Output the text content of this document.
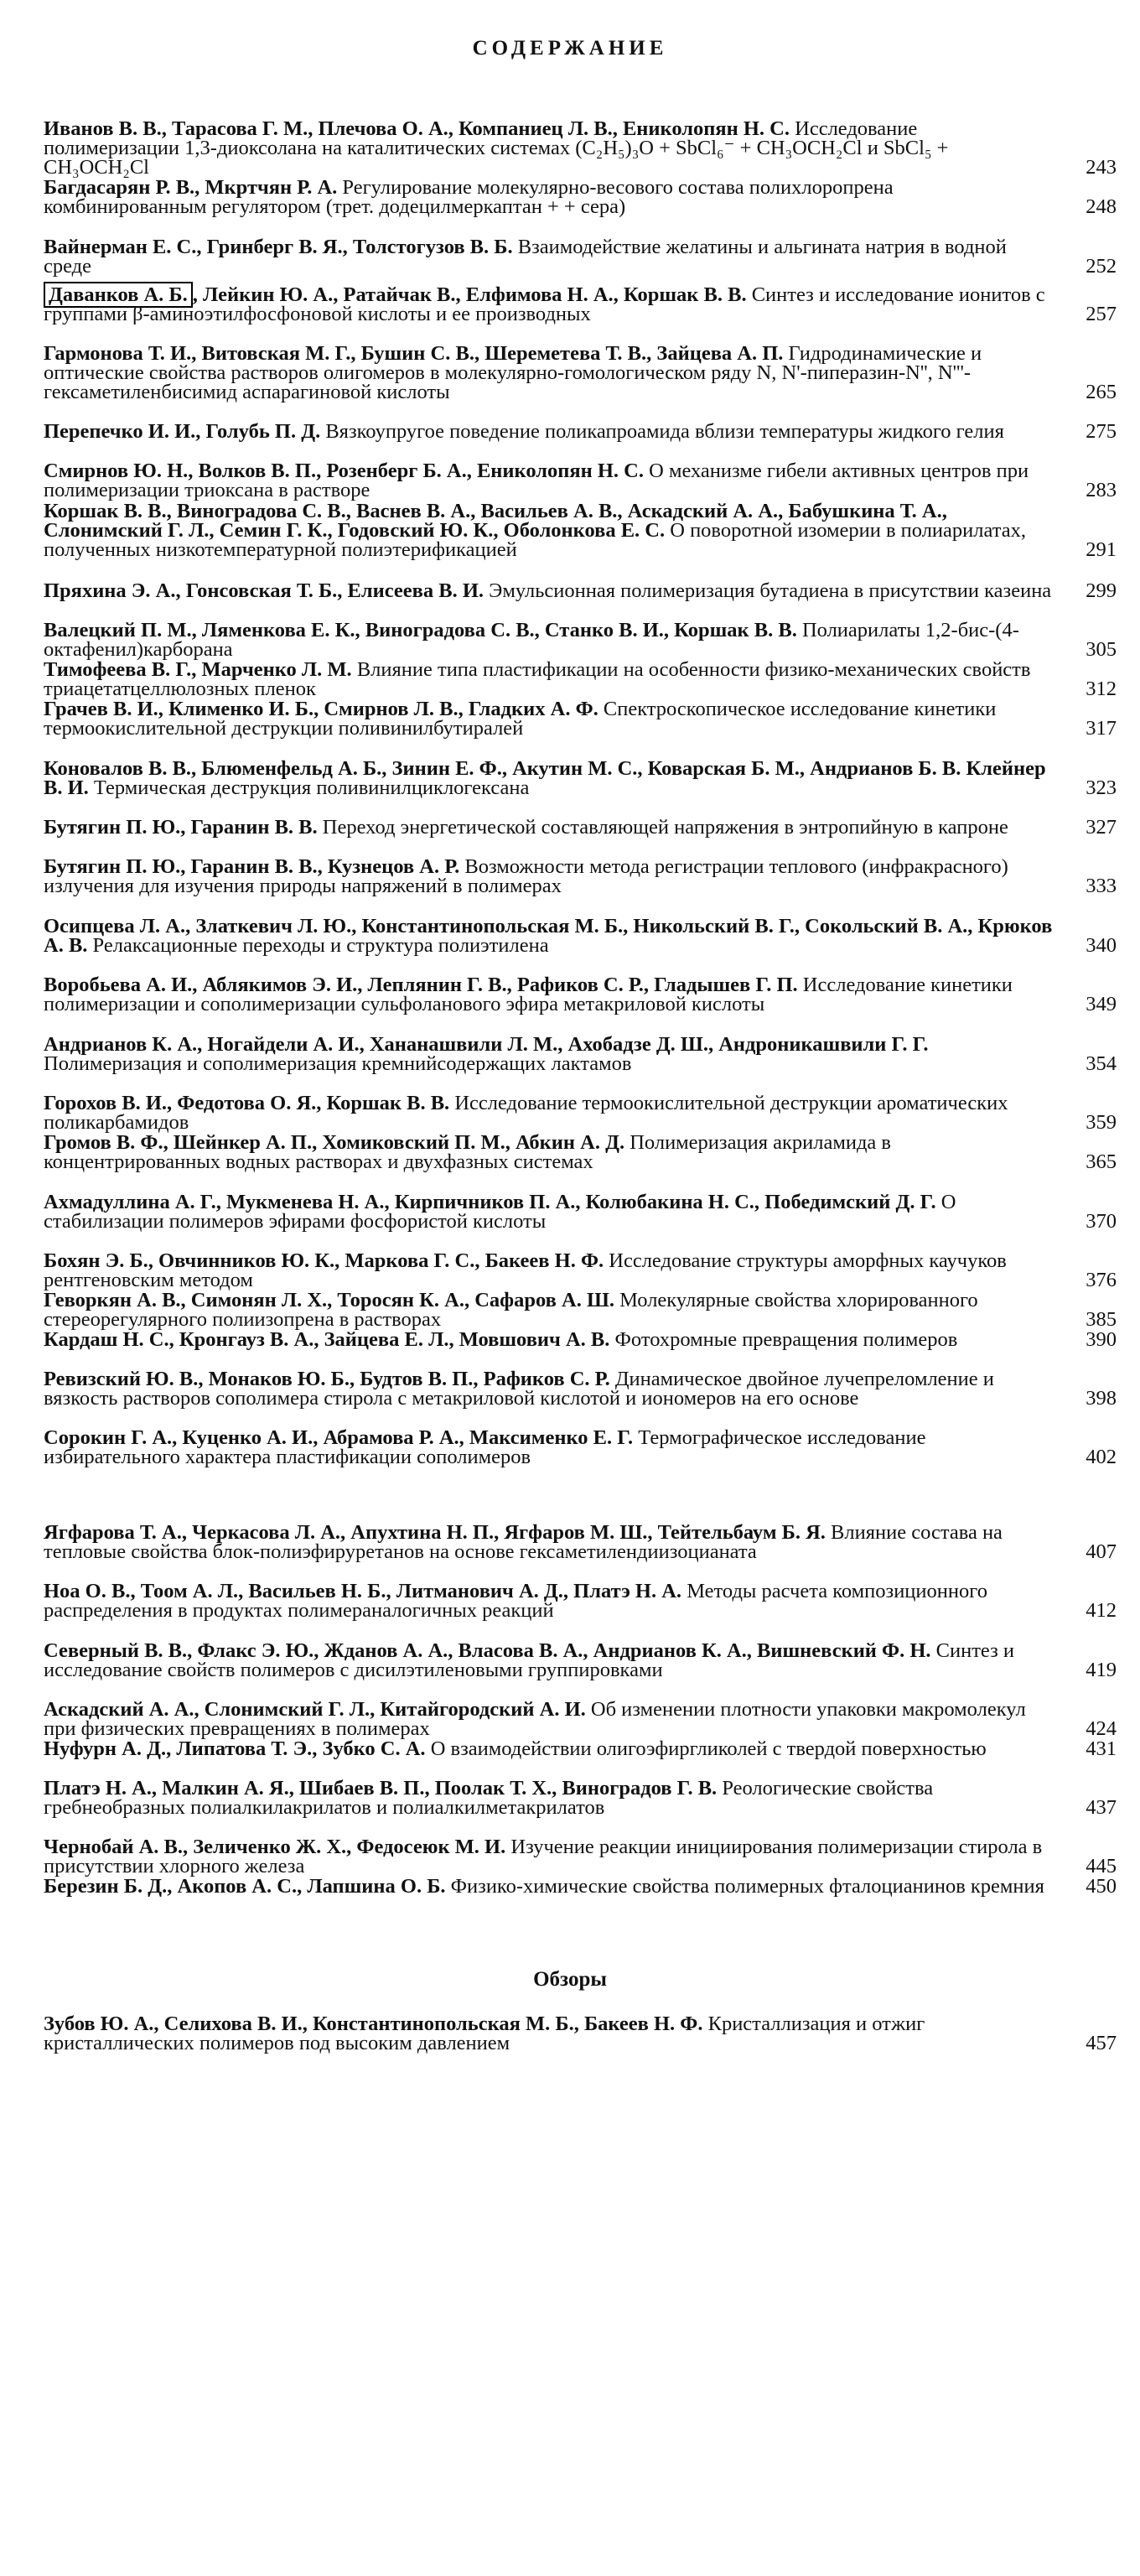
СОДЕРЖАНИЕ
Иванов В. В., Тарасова Г. М., Плечова О. А., Компаниец Л. В., Ениколопян Н. С. Исследование полимеризации 1,3-диоксолана на каталитических системах (C₂H₅)₃O + SbCl₆⁻ + CH₃OCH₂Cl и SbCl₅ + CH₃OCH₂Cl	243
Багдасарян Р. В., Мкртчян Р. А. Регулирование молекулярно-весового состава полихлоропрена комбинированным регулятором (трет. додецилмеркаптан + + сера)	248
Вайнерман Е. С., Гринберг В. Я., Толстогузов В. Б. Взаимодействие желатины и альгината натрия в водной среде	252
Даванков А. Б. , Лейкин Ю. А., Ратайчак В., Елфимова Н. А., Коршак В. В. Синтез и исследование ионитов с группами β-аминоэтилфосфоновой кислоты и ее производных	257
Гармонова Т. И., Витовская М. Г., Бушин С. В., Шереметева Т. В., Зайцева А. П. Гидродинамические и оптические свойства растворов олигомеров в молекулярно-гомологическом ряду N, N'-пиперазин-N'', N'''-гексаметиленбисимид аспарагиновой кислоты	265
Перепечко И. И., Голубь П. Д. Вязкоупругое поведение поликапроамида вблизи температуры жидкого гелия	275
Смирнов Ю. Н., Волков В. П., Розенберг Б. А., Ениколопян Н. С. О механизме гибели активных центров при полимеризации триоксана в растворе	283
Коршак В. В., Виноградова С. В., Васнев В. А., Васильев А. В., Аскадский А. А., Бабушкина Т. А., Слонимский Г. Л., Семин Г. К., Годовский Ю. К., Оболонкова Е. С. О поворотной изомерии в полиарилатах, полученных низкотемпературной полиэтерификацией	291
Пряхина Э. А., Гонсовская Т. Б., Елисеева В. И. Эмульсионная полимеризация бутадиена в присутствии казеина	299
Валецкий П. М., Ляменкова Е. К., Виноградова С. В., Станко В. И., Коршак В. В. Полиарилаты 1,2-бис-(4-октафенил)карборана	305
Тимофеева В. Г., Марченко Л. М. Влияние типа пластификации на особенности физико-механических свойств триацетатцеллюлозных пленок	312
Грачев В. И., Клименко И. Б., Смирнов Л. В., Гладких А. Ф. Спектроскопическое исследование кинетики термоокислительной деструкции поливинилбутиралей	317
Коновалов В. В., Блюменфельд А. Б., Зинин Е. Ф., Акутин М. С., Коварская Б. М., Андрианов Б. В. Клейнер В. И. Термическая деструкция поливинилциклогексана	323
Бутягин П. Ю., Гаранин В. В. Переход энергетической составляющей напряжения в энтропийную в капроне	327
Бутягин П. Ю., Гаранин В. В., Кузнецов А. Р. Возможности метода регистрации теплового (инфракрасного) излучения для изучения природы напряжений в полимерах	333
Осипцева Л. А., Златкевич Л. Ю., Константинопольская М. Б., Никольский В. Г., Сокольский В. А., Крюков А. В. Релаксационные переходы и структура полиэтилена	340
Воробьева А. И., Аблякимов Э. И., Леплянин Г. В., Рафиков С. Р., Гладышев Г. П. Исследование кинетики полимеризации и сополимеризации сульфоланового эфира метакриловой кислоты	349
Андрианов К. А., Ногайдели А. И., Хананашвили Л. М., Ахобадзе Д. Ш., Андроникашвили Г. Г. Полимеризация и сополимеризация кремнийсодержащих лактамов	354
Горохов В. И., Федотова О. Я., Коршак В. В. Исследование термоокислительной деструкции ароматических поликарбамидов	359
Громов В. Ф., Шейнкер А. П., Хомиковский П. М., Абкин А. Д. Полимеризация акриламида в концентрированных водных растворах и двухфазных системах	365
Ахмадуллина А. Г., Мукменева Н. А., Кирпичников П. А., Колюбакина Н. С., Победимский Д. Г. О стабилизации полимеров эфирами фосфористой кислоты	370
Бохян Э. Б., Овчинников Ю. К., Маркова Г. С., Бакеев Н. Ф. Исследование структуры аморфных каучуков рентгеновским методом	376
Геворкян А. В., Симонян Л. Х., Торосян К. А., Сафаров А. Ш. Молекулярные свойства хлорированного стереорегулярного полиизопрена в растворах	385
Кардаш Н. С., Кронгауз В. А., Зайцева Е. Л., Мовшович А. В. Фотохромные превращения полимеров	390
Ревизский Ю. В., Монаков Ю. Б., Будтов В. П., Рафиков С. Р. Динамическое двойное лучепреломление и вязкость растворов сополимера стирола с метакриловой кислотой и иономеров на его основе	398
Сорокин Г. А., Куценко А. И., Абрамова Р. А., Максименко Е. Г. Термографическое исследование избирательного характера пластификации сополимеров	402
Ягфарова Т. А., Черкасова Л. А., Апухтина Н. П., Ягфаров М. Ш., Тейтельбаум Б. Я. Влияние состава на тепловые свойства блок-полиэфируретанов на основе гексаметилендиизоцианата	407
Ноа О. В., Тоом А. Л., Васильев Н. Б., Литманович А. Д., Платэ Н. А. Методы расчета композиционного распределения в продуктах полимераналогичных реакций	412
Северный В. В., Флакс Э. Ю., Жданов А. А., Власова В. А., Андрианов К. А., Вишневский Ф. Н. Синтез и исследование свойств полимеров с дисилэтиленовыми группировками	419
Аскадский А. А., Слонимский Г. Л., Китайгородский А. И. Об изменении плотности упаковки макромолекул при физических превращениях в полимерах	424
Нуфурн А. Д., Липатова Т. Э., Зубко С. А. О взаимодействии олигоэфиргликолей с твердой поверхностью	431
Платэ Н. А., Малкин А. Я., Шибаев В. П., Поолак Т. Х., Виноградов Г. В. Реологические свойства гребнеобразных полиалкилакрилатов и полиалкилметакрилатов	437
Чернобай А. В., Зеличенко Ж. Х., Федосеюк М. И. Изучение реакции инициирования полимеризации стирола в присутствии хлорного железа	445
Березин Б. Д., Акопов А. С., Лапшина О. Б. Физико-химические свойства полимерных фталоцианинов кремния	450
Обзоры
Зубов Ю. А., Селихова В. И., Константинопольская М. Б., Бакеев Н. Ф. Кристаллизация и отжиг кристаллических полимеров под высоким давлением	457
